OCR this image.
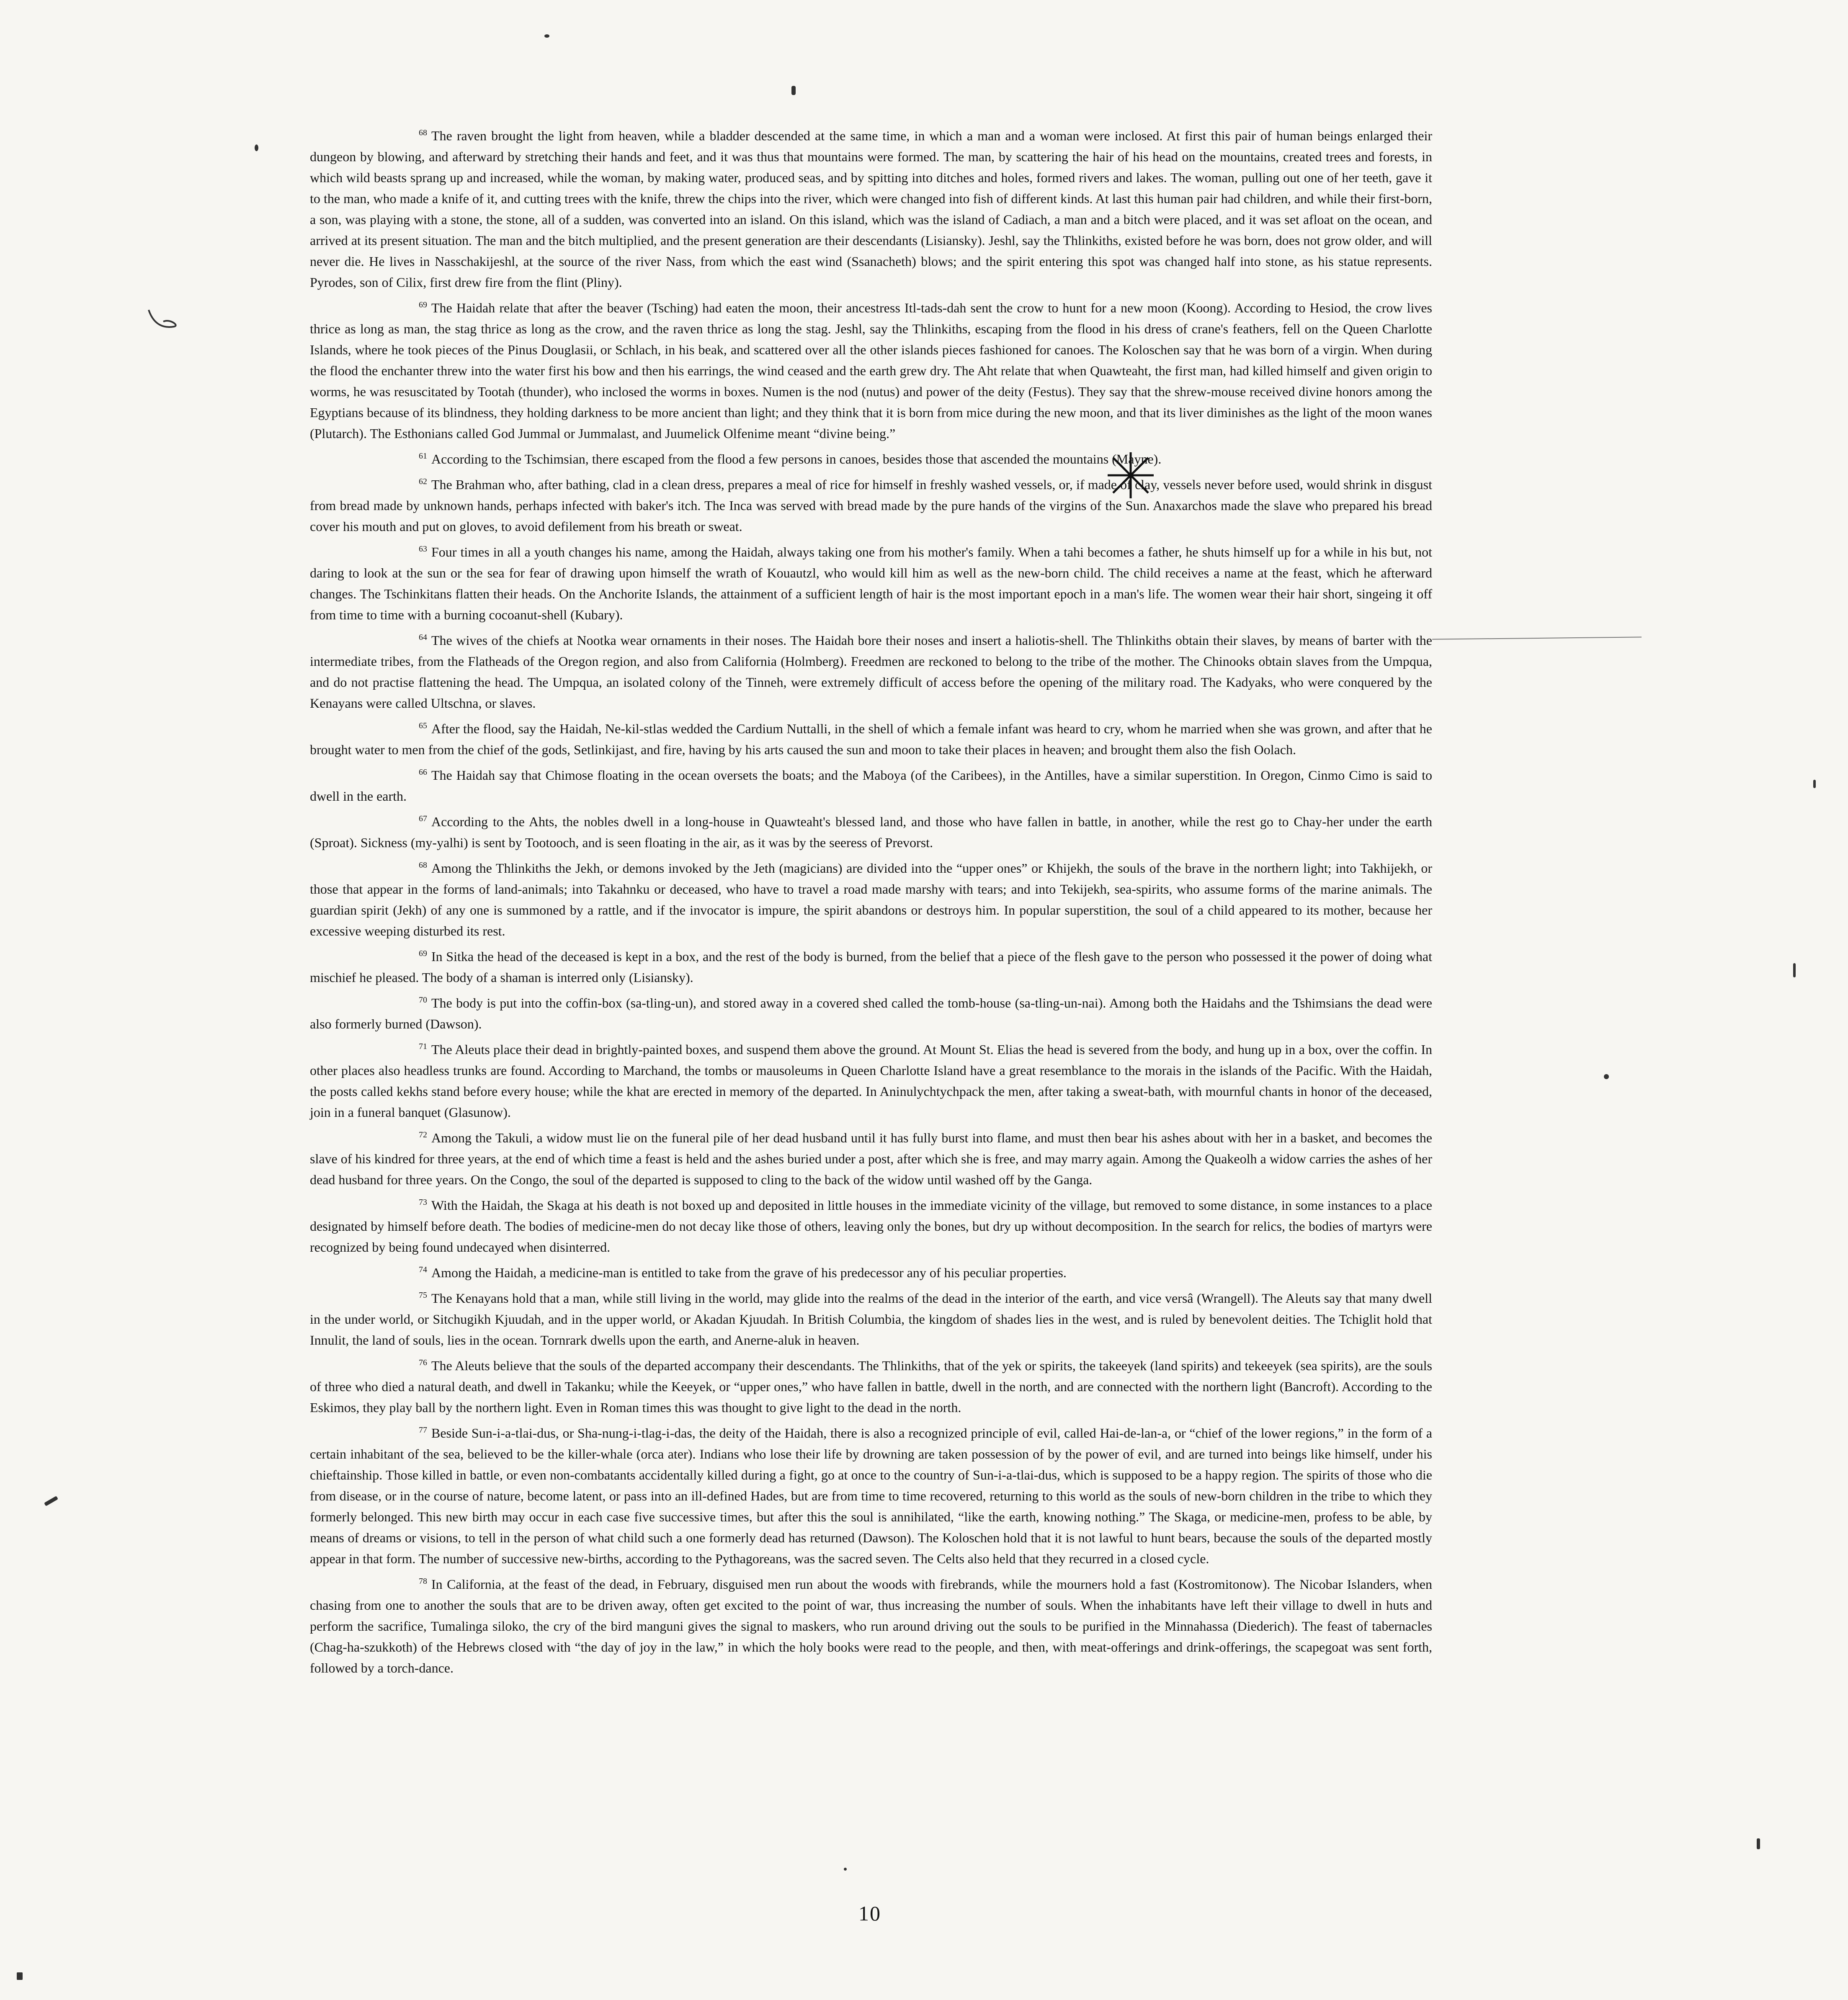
$^{68}$ The raven brought the light from heaven, while a bladder descended at the same time, in which a man and a woman were inclosed. At first this pair of human beings enlarged their dungeon by blowing, and afterward by stretching their hands and feet, and it was thus that mountains were formed. The man, by scattering the hair of his head on the mountains, created trees and forests, in which wild beasts sprang up and increased, while the woman, by making water, produced seas, and by spitting into ditches and holes, formed rivers and lakes. The woman, pulling out one of her teeth, gave it to the man, who made a knife of it, and cutting trees with the knife, threw the chips into the river, which were changed into fish of different kinds. At last this human pair had children, and while their first-born, a son, was playing with a stone, the stone, all of a sudden, was converted into an island. On this island, which was the island of Cadiach, a man and a bitch were placed, and it was set afloat on the ocean, and arrived at its present situation. The man and the bitch multiplied, and the present generation are their descendants (Lisiansky). Jeshl, say the Thlinkiths, existed before he was born, does not grow older, and will never die. He lives in Nasschakijeshl, at the source of the river Nass, from which the east wind (Ssanacheth) blows; and the spirit entering this spot was changed half into stone, as his statue represents. Pyrodes, son of Cilix, first drew fire from the flint (Pliny).

$^{69}$ The Haidah relate that after the beaver (Tsching) had eaten the moon, their ancestress Itl-tads-dah sent the crow to hunt for a new moon (Koong). According to Hesiod, the crow lives thrice as long as man, the stag thrice as long as the crow, and the raven thrice as long the stag. Jeshl, say the Thlinkiths, escaping from the flood in his dress of crane's feathers, fell on the Queen Charlotte Islands, where he took pieces of the Pinus Douglasii, or Schlach, in his beak, and scattered over all the other islands pieces fashioned for canoes. The Koloschen say that he was born of a virgin. When during the flood the enchanter threw into the water first his bow and then his earrings, the wind ceased and the earth grew dry. The Aht relate that when Quawteaht, the first man, had killed himself and given origin to worms, he was resuscitated by Tootah (thunder), who inclosed the worms in boxes. Numen is the nod (nutus) and power of the deity (Festus). They say that the shrew-mouse received divine honors among the Egyptians because of its blindness, they holding darkness to be more ancient than light; and they think that it is born from mice during the new moon, and that its liver diminishes as the light of the moon wanes (Plutarch). The Esthonians called God Jummal or Jummalast, and Juumelick Olfenime meant “divine being.”

$^{61}$ According to the Tschimsian, there escaped from the flood a few persons in canoes, besides those that ascended the mountains (Mayne).

$^{62}$ The Brahman who, after bathing, clad in a clean dress, prepares a meal of rice for himself in freshly washed vessels, or, if made of clay, vessels never before used, would shrink in disgust from bread made by unknown hands, perhaps infected with baker's itch. The Inca was served with bread made by the pure hands of the virgins of the Sun. Anaxarchos made the slave who prepared his bread cover his mouth and put on gloves, to avoid defilement from his breath or sweat.

$^{63}$ Four times in all a youth changes his name, among the Haidah, always taking one from his mother's family. When a tahi becomes a father, he shuts himself up for a while in his but, not daring to look at the sun or the sea for fear of drawing upon himself the wrath of Kouautzl, who would kill him as well as the new-born child. The child receives a name at the feast, which he afterward changes. The Tschinkitans flatten their heads. On the Anchorite Islands, the attainment of a sufficient length of hair is the most important epoch in a man's life. The women wear their hair short, singeing it off from time to time with a burning cocoanut-shell (Kubary).

$^{64}$ The wives of the chiefs at Nootka wear ornaments in their noses. The Haidah bore their noses and insert a haliotis-shell. The Thlinkiths obtain their slaves, by means of barter with the intermediate tribes, from the Flatheads of the Oregon region, and also from California (Holmberg). Freedmen are reckoned to belong to the tribe of the mother. The Chinooks obtain slaves from the Umpqua, and do not practise flattening the head. The Umpqua, an isolated colony of the Tinneh, were extremely difficult of access before the opening of the military road. The Kadyaks, who were conquered by the Kenayans were called Ultschna, or slaves.

$^{65}$ After the flood, say the Haidah, Ne-kil-stlas wedded the Cardium Nuttalli, in the shell of which a female infant was heard to cry, whom he married when she was grown, and after that he brought water to men from the chief of the gods, Setlinkijast, and fire, having by his arts caused the sun and moon to take their places in heaven; and brought them also the fish Oolach.

$^{66}$ The Haidah say that Chimose floating in the ocean oversets the boats; and the Maboya (of the Caribees), in the Antilles, have a similar superstition. In Oregon, Cinmo Cimo is said to dwell in the earth.

$^{67}$ According to the Ahts, the nobles dwell in a long-house in Quawteaht's blessed land, and those who have fallen in battle, in another, while the rest go to Chay-her under the earth (Sproat). Sickness (my-yalhi) is sent by Tootooch, and is seen floating in the air, as it was by the seeress of Prevorst.

$^{68}$ Among the Thlinkiths the Jekh, or demons invoked by the Jeth (magicians) are divided into the “upper ones” or Khijekh, the souls of the brave in the northern light; into Takhijekh, or those that appear in the forms of land-animals; into Takahnku or deceased, who have to travel a road made marshy with tears; and into Tekijekh, sea-spirits, who assume forms of the marine animals. The guardian spirit (Jekh) of any one is summoned by a rattle, and if the invocator is impure, the spirit abandons or destroys him. In popular superstition, the soul of a child appeared to its mother, because her excessive weeping disturbed its rest.

$^{69}$ In Sitka the head of the deceased is kept in a box, and the rest of the body is burned, from the belief that a piece of the flesh gave to the person who possessed it the power of doing what mischief he pleased. The body of a shaman is interred only (Lisiansky).

$^{70}$ The body is put into the coffin-box (sa-tling-un), and stored away in a covered shed called the tomb-house (sa-tling-un-nai). Among both the Haidahs and the Tshimsians the dead were also formerly burned (Dawson).

$^{71}$ The Aleuts place their dead in brightly-painted boxes, and suspend them above the ground. At Mount St. Elias the head is severed from the body, and hung up in a box, over the coffin. In other places also headless trunks are found. According to Marchand, the tombs or mausoleums in Queen Charlotte Island have a great resemblance to the morais in the islands of the Pacific. With the Haidah, the posts called kekhs stand before every house; while the khat are erected in memory of the departed. In Aninulychtychpack the men, after taking a sweat-bath, with mournful chants in honor of the deceased, join in a funeral banquet (Glasunow).

$^{72}$ Among the Takuli, a widow must lie on the funeral pile of her dead husband until it has fully burst into flame, and must then bear his ashes about with her in a basket, and becomes the slave of his kindred for three years, at the end of which time a feast is held and the ashes buried under a post, after which she is free, and may marry again. Among the Quakeolh a widow carries the ashes of her dead husband for three years. On the Congo, the soul of the departed is supposed to cling to the back of the widow until washed off by the Ganga.

$^{73}$ With the Haidah, the Skaga at his death is not boxed up and deposited in little houses in the immediate vicinity of the village, but removed to some distance, in some instances to a place designated by himself before death. The bodies of medicine-men do not decay like those of others, leaving only the bones, but dry up without decomposition. In the search for relics, the bodies of martyrs were recognized by being found undecayed when disinterred.

$^{74}$ Among the Haidah, a medicine-man is entitled to take from the grave of his predecessor any of his peculiar properties.

$^{75}$ The Kenayans hold that a man, while still living in the world, may glide into the realms of the dead in the interior of the earth, and vice versâ (Wrangell). The Aleuts say that many dwell in the under world, or Sitchugikh Kjuudah, and in the upper world, or Akadan Kjuudah. In British Columbia, the kingdom of shades lies in the west, and is ruled by benevolent deities. The Tchiglit hold that Innulit, the land of souls, lies in the ocean. Tornrark dwells upon the earth, and Anerne-aluk in heaven.

$^{76}$ The Aleuts believe that the souls of the departed accompany their descendants. The Thlinkiths, that of the yek or spirits, the takeeyek (land spirits) and tekeeyek (sea spirits), are the souls of three who died a natural death, and dwell in Takanku; while the Keeyek, or “upper ones,” who have fallen in battle, dwell in the north, and are connected with the northern light (Bancroft). According to the Eskimos, they play ball by the northern light. Even in Roman times this was thought to give light to the dead in the north.

$^{77}$ Beside Sun-i-a-tlai-dus, or Sha-nung-i-tlag-i-das, the deity of the Haidah, there is also a recognized principle of evil, called Hai-de-lan-a, or “chief of the lower regions,” in the form of a certain inhabitant of the sea, believed to be the killer-whale (orca ater). Indians who lose their life by drowning are taken possession of by the power of evil, and are turned into beings like himself, under his chieftainship. Those killed in battle, or even non-combatants accidentally killed during a fight, go at once to the country of Sun-i-a-tlai-dus, which is supposed to be a happy region. The spirits of those who die from disease, or in the course of nature, become latent, or pass into an ill-defined Hades, but are from time to time recovered, returning to this world as the souls of new-born children in the tribe to which they formerly belonged. This new birth may occur in each case five successive times, but after this the soul is annihilated, “like the earth, knowing nothing.” The Skaga, or medicine-men, profess to be able, by means of dreams or visions, to tell in the person of what child such a one formerly dead has returned (Dawson). The Koloschen hold that it is not lawful to hunt bears, because the souls of the departed mostly appear in that form. The number of successive new-births, according to the Pythagoreans, was the sacred seven. The Celts also held that they recurred in a closed cycle.

$^{78}$ In California, at the feast of the dead, in February, disguised men run about the woods with firebrands, while the mourners hold a fast (Kostromitonow). The Nicobar Islanders, when chasing from one to another the souls that are to be driven away, often get excited to the point of war, thus increasing the number of souls. When the inhabitants have left their village to dwell in huts and perform the sacrifice, Tumalinga siloko, the cry of the bird manguni gives the signal to maskers, who run around driving out the souls to be purified in the Minnahassa (Diederich). The feast of tabernacles (Chag-ha-szukkoth) of the Hebrews closed with “the day of joy in the law,” in which the holy books were read to the people, and then, with meat-offerings and drink-offerings, the scapegoat was sent forth, followed by a torch-dance.

10
